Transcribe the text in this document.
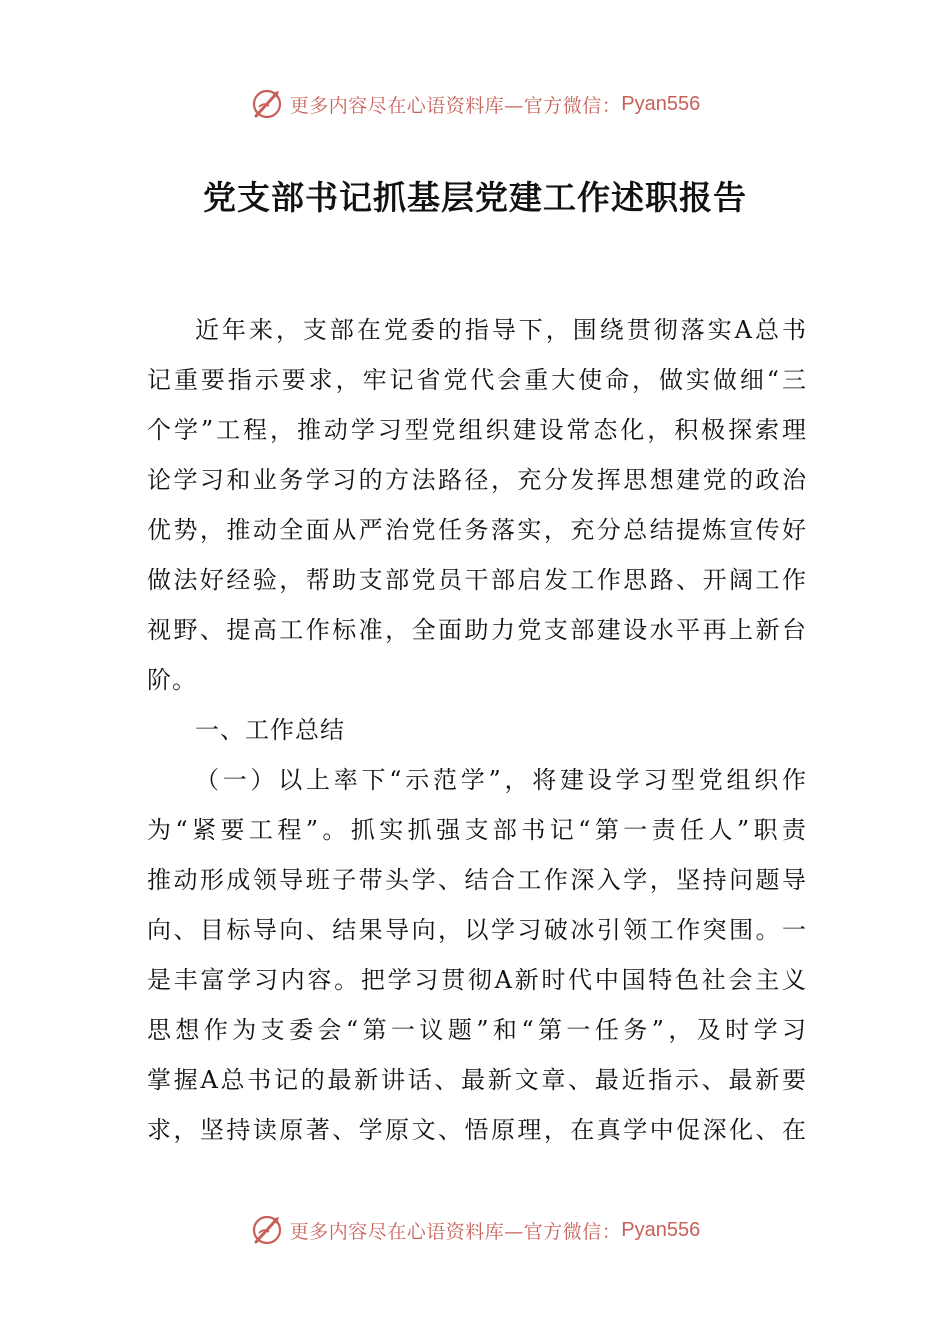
更多内容尽在心语资料库—官方微信： Pyan556
党支部书记抓基层党建工作述职报告
近年来，支部在党委的指导下，围绕贯彻落实A总书
记重要指示要求，牢记省党代会重大使命，做实做细“三
个学”工程，推动学习型党组织建设常态化，积极探索理
论学习和业务学习的方法路径，充分发挥思想建党的政治
优势，推动全面从严治党任务落实，充分总结提炼宣传好
做法好经验，帮助支部党员干部启发工作思路、开阔工作
视野、提高工作标准，全面助力党支部建设水平再上新台
阶。
一、工作总结
（一）以上率下“示范学”，将建设学习型党组织作
为“紧要工程”。抓实抓强支部书记“第一责任人”职责
推动形成领导班子带头学、结合工作深入学，坚持问题导
向、目标导向、结果导向，以学习破冰引领工作突围。一
是丰富学习内容。把学习贯彻A新时代中国特色社会主义
思想作为支委会“第一议题”和“第一任务”，及时学习
掌握A总书记的最新讲话、最新文章、最近指示、最新要
求，坚持读原著、学原文、悟原理，在真学中促深化、在
更多内容尽在心语资料库—官方微信： Pyan556
